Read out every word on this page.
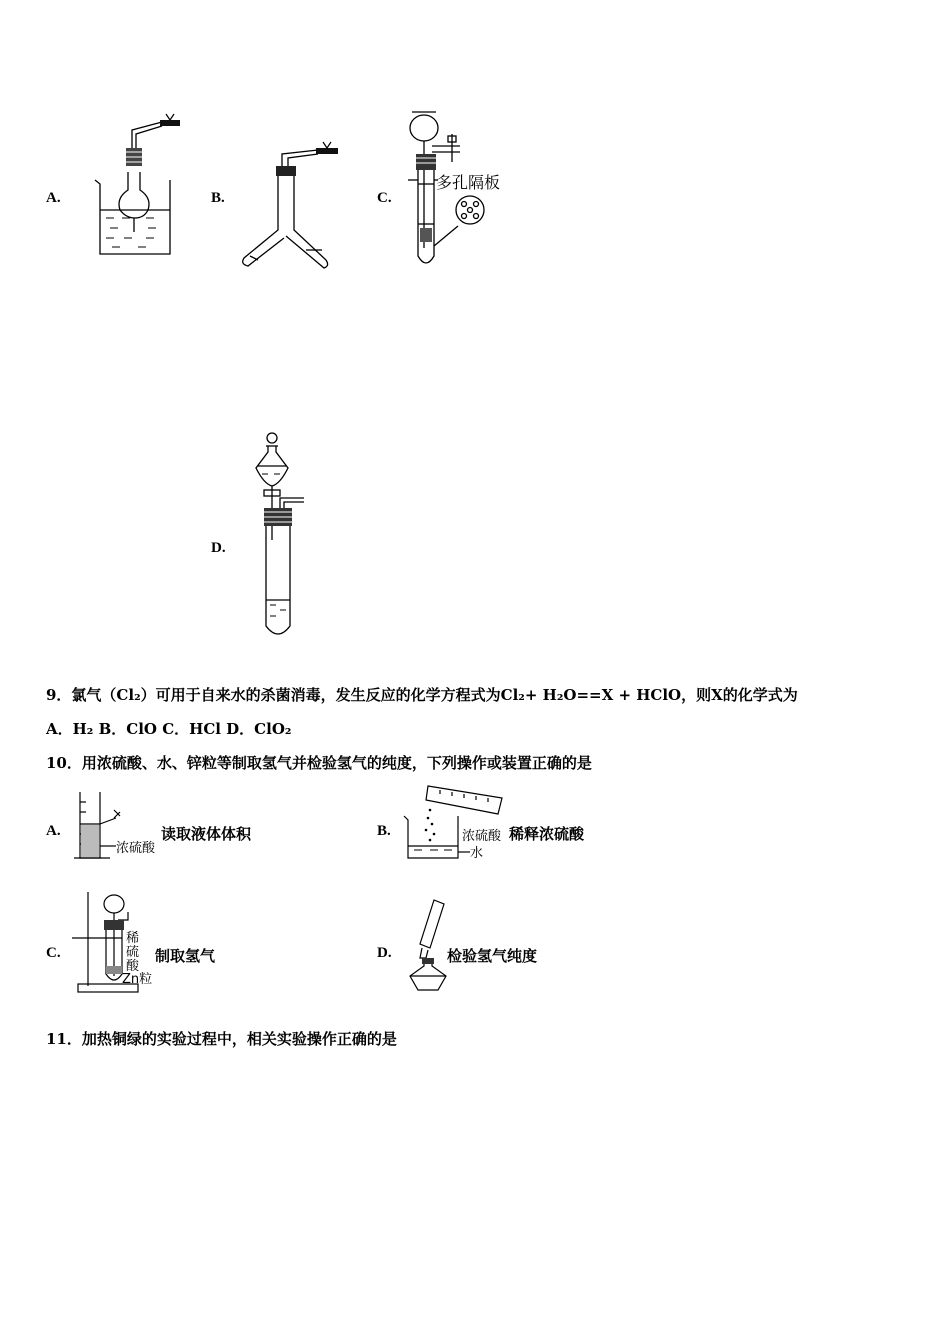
A.	B.	C.
多孔隔板
D.
9．氯气（Cl₂）可用于自来水的杀菌消毒，发生反应的化学方程式为Cl₂+ H₂O==X + HClO，则X的化学式为
A．H₂ B．ClO C．HCl D．ClO₂
10．用浓硫酸、水、锌粒等制取氢气并检验氢气的纯度，下列操作或装置正确的是
A.
浓硫酸
读取液体体积	B.	浓硫酸
水
稀释浓硫酸
C.
稀
硫
酸
Zn粒
制取氢气	D.	检验氢气纯度
11．加热铜绿的实验过程中，相关实验操作正确的是
